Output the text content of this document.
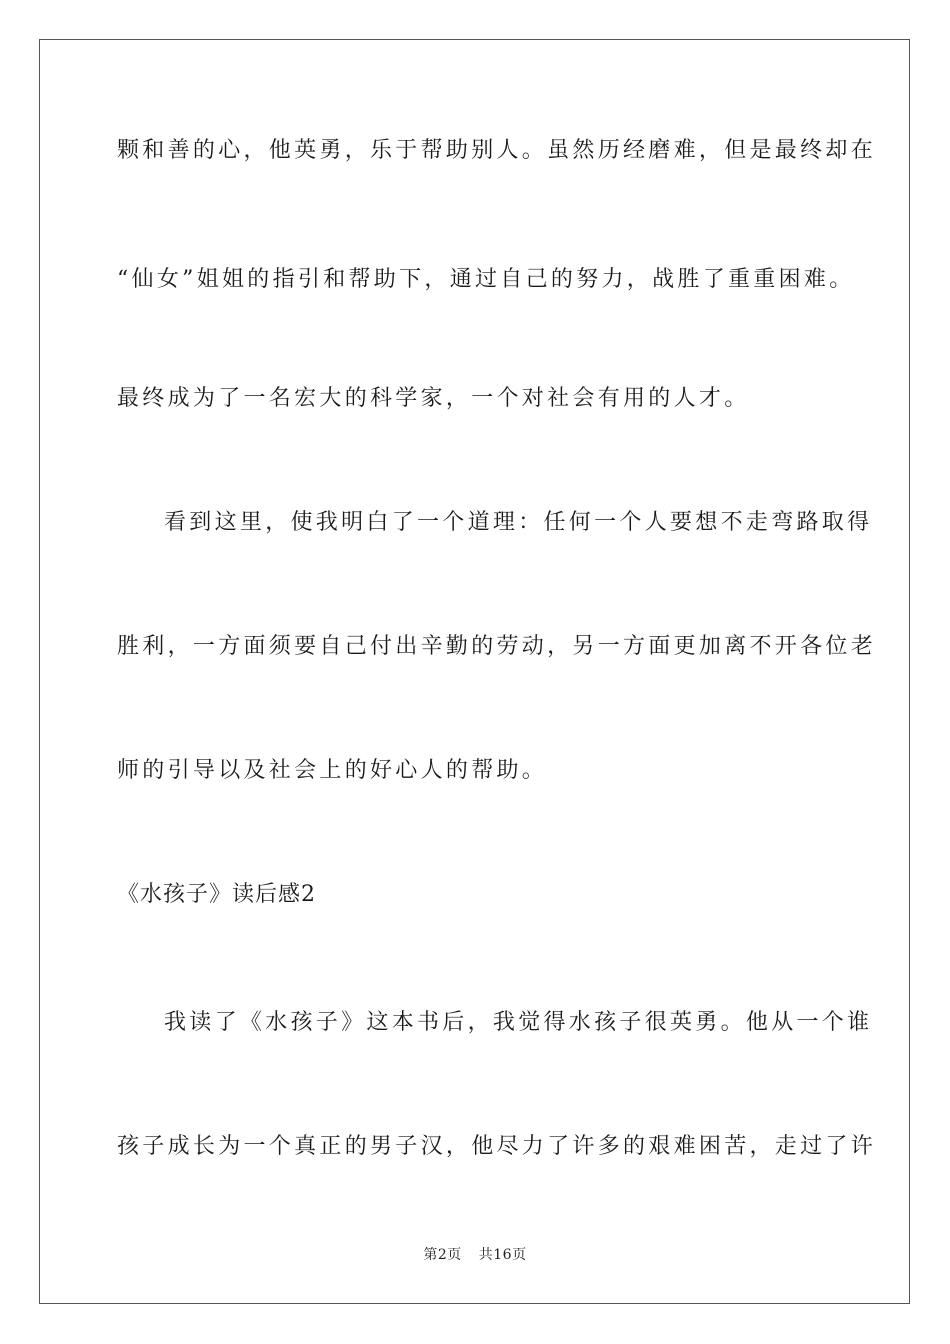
颗和善的心，他英勇，乐于帮助别人。虽然历经磨难，但是最终却在
“仙女”姐姐的指引和帮助下，通过自己的努力，战胜了重重困难。
最终成为了一名宏大的科学家，一个对社会有用的人才。
看到这里，使我明白了一个道理：任何一个人要想不走弯路取得
胜利，一方面须要自己付出辛勤的劳动，另一方面更加离不开各位老
师的引导以及社会上的好心人的帮助。
《水孩子》读后感2
我读了《水孩子》这本书后，我觉得水孩子很英勇。他从一个谁
孩子成长为一个真正的男子汉，他尽力了许多的艰难困苦，走过了许
第2页 共16页
